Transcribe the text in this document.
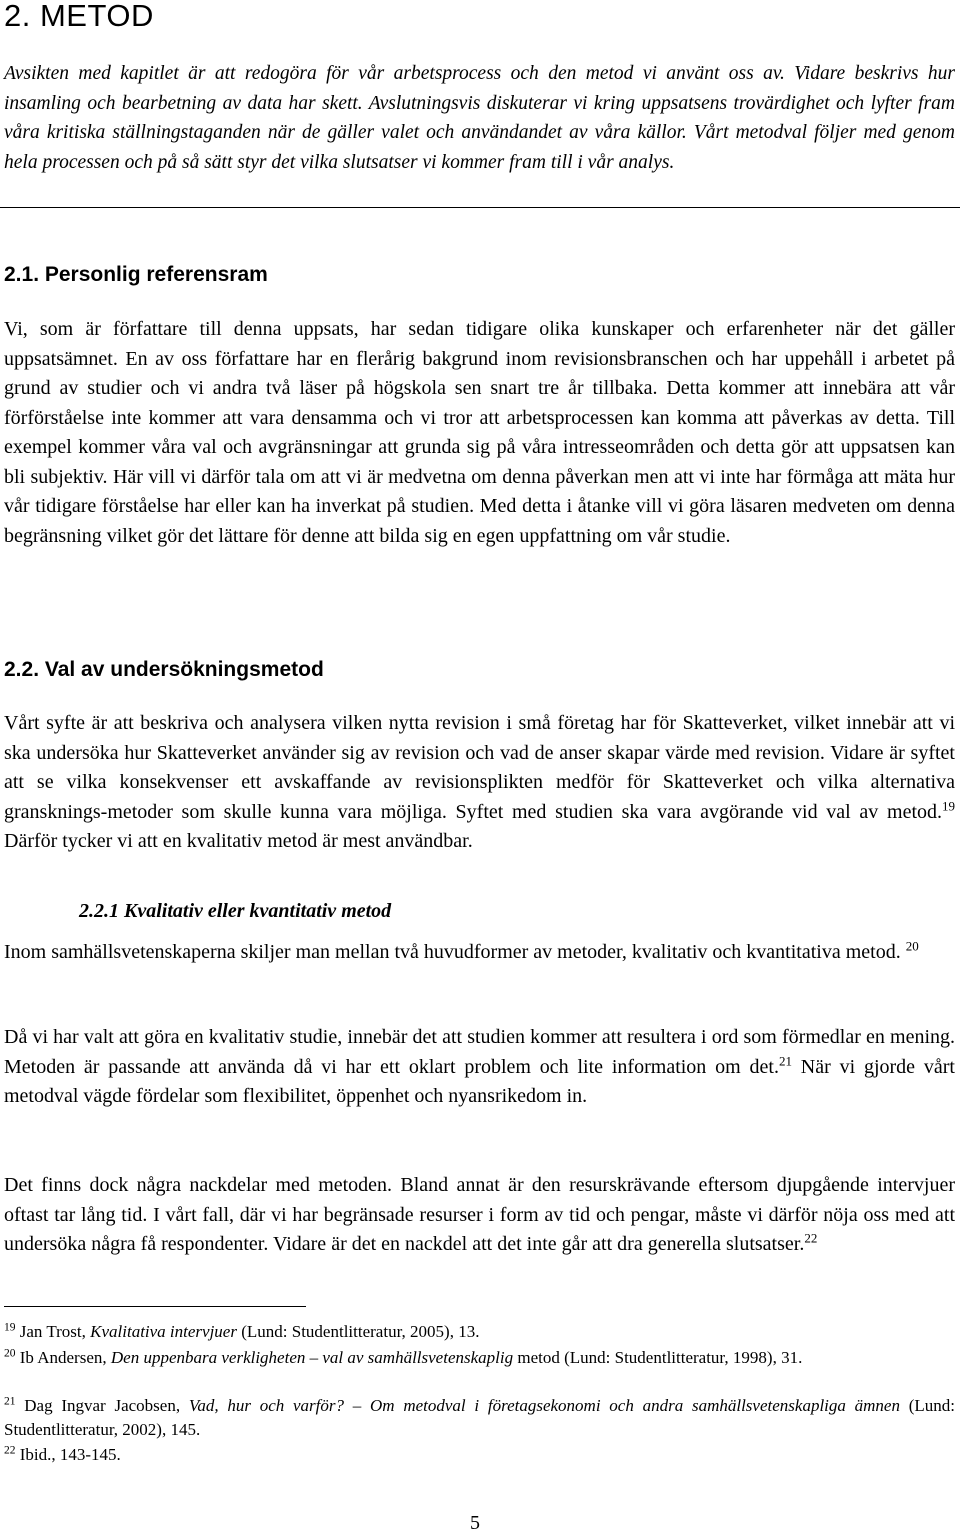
2. METOD

Avsikten med kapitlet är att redogöra för vår arbetsprocess och den metod vi använt oss av. Vidare beskrivs hur insamling och bearbetning av data har skett. Avslutningsvis diskuterar vi kring uppsatsens trovärdighet och lyfter fram våra kritiska ställningstaganden när de gäller valet och användandet av våra källor. Vårt metodval följer med genom hela processen och på så sätt styr det vilka slutsatser vi kommer fram till i vår analys.

2.1. Personlig referensram

Vi, som är författare till denna uppsats, har sedan tidigare olika kunskaper och erfarenheter när det gäller uppsatsämnet. En av oss författare har en flerårig bakgrund inom revisionsbranschen och har uppehåll i arbetet på grund av studier och vi andra två läser på högskola sen snart tre år tillbaka. Detta kommer att innebära att vår förförståelse inte kommer att vara densamma och vi tror att arbetsprocessen kan komma att påverkas av detta. Till exempel kommer våra val och avgränsningar att grunda sig på våra intresseområden och detta gör att uppsatsen kan bli subjektiv. Här vill vi därför tala om att vi är medvetna om denna påverkan men att vi inte har förmåga att mäta hur vår tidigare förståelse har eller kan ha inverkat på studien. Med detta i åtanke vill vi göra läsaren medveten om denna begränsning vilket gör det lättare för denne att bilda sig en egen uppfattning om vår studie.

2.2. Val av undersökningsmetod

Vårt syfte är att beskriva och analysera vilken nytta revision i små företag har för Skatteverket, vilket innebär att vi ska undersöka hur Skatteverket använder sig av revision och vad de anser skapar värde med revision. Vidare är syftet att se vilka konsekvenser ett avskaffande av revisionsplikten medför för Skatteverket och vilka alternativa gransknings-metoder som skulle kunna vara möjliga. Syftet med studien ska vara avgörande vid val av metod.$^{19}$ Därför tycker vi att en kvalitativ metod är mest användbar.

2.2.1 Kvalitativ eller kvantitativ metod

Inom samhällsvetenskaperna skiljer man mellan två huvudformer av metoder, kvalitativ och kvantitativa metod. $^{20}$

Då vi har valt att göra en kvalitativ studie, innebär det att studien kommer att resultera i ord som förmedlar en mening. Metoden är passande att använda då vi har ett oklart problem och lite information om det.$^{21}$ När vi gjorde vårt metodval vägde fördelar som flexibilitet, öppenhet och nyansrikedom in.

Det finns dock några nackdelar med metoden. Bland annat är den resurskrävande eftersom djupgående intervjuer oftast tar lång tid. I vårt fall, där vi har begränsade resurser i form av tid och pengar, måste vi därför nöja oss med att undersöka några få respondenter. Vidare är det en nackdel att det inte går att dra generella slutsatser.$^{22}$

$^{19}$ Jan Trost, Kvalitativa intervjuer (Lund: Studentlitteratur, 2005), 13.

$^{20}$ Ib Andersen, Den uppenbara verkligheten – val av samhällsvetenskaplig metod (Lund: Studentlitteratur, 1998), 31.

$^{21}$ Dag Ingvar Jacobsen, Vad, hur och varför? – Om metodval i företagsekonomi och andra samhällsvetenskapliga ämnen (Lund: Studentlitteratur, 2002), 145.

$^{22}$ Ibid., 143-145.

5
